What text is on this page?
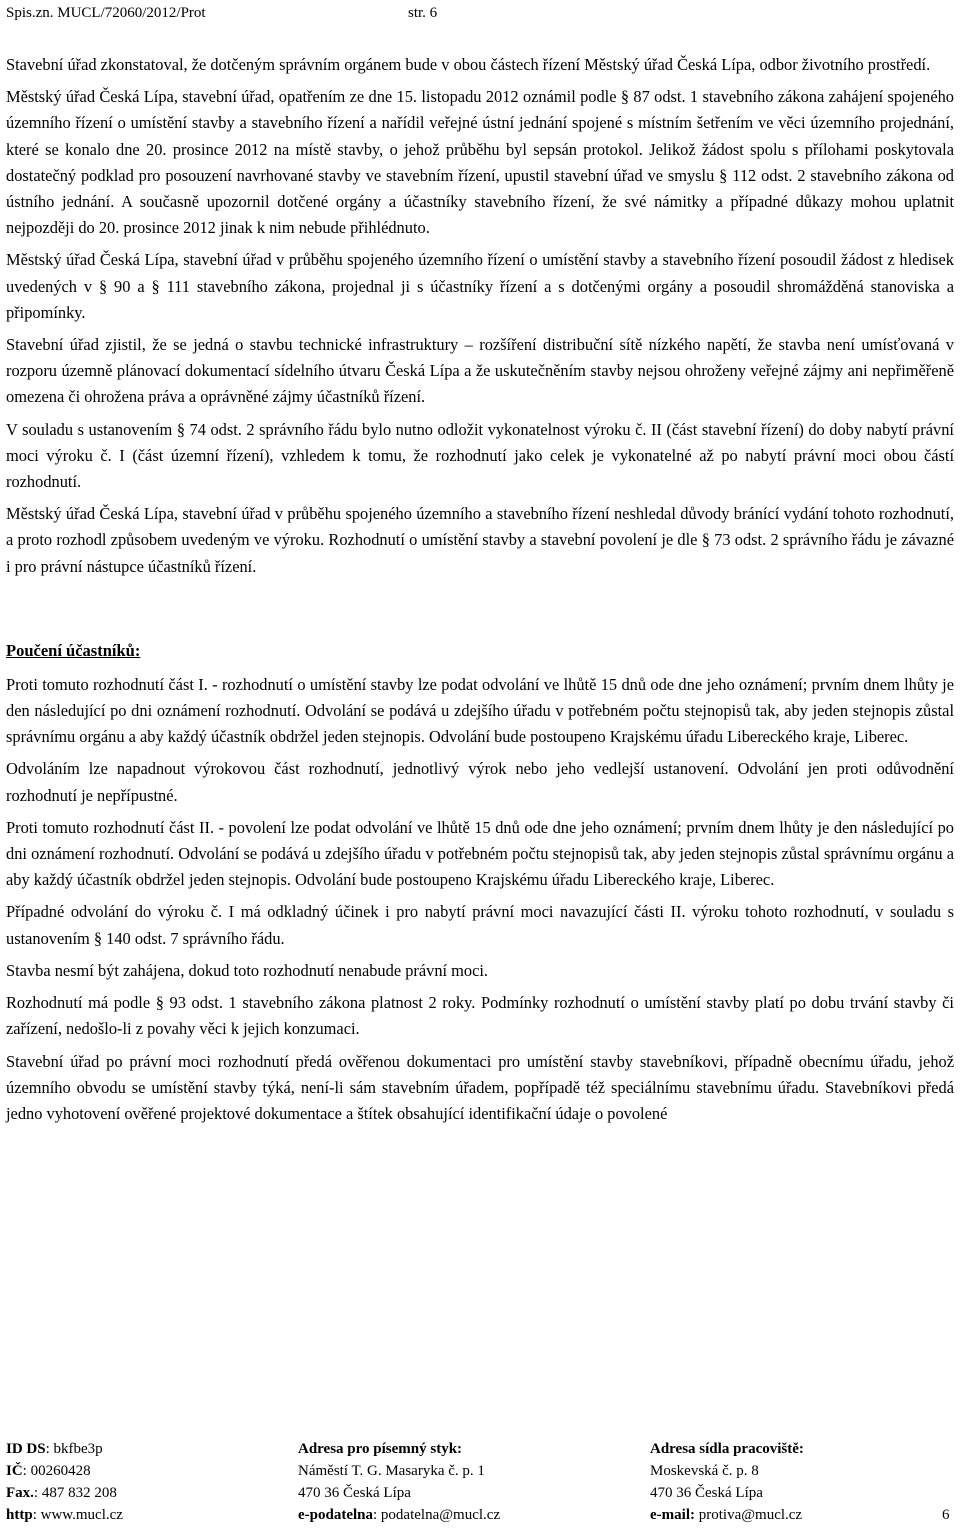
Spis.zn. MUCL/72060/2012/Prot	str. 6

Stavební úřad zkonstatoval, že dotčeným správním orgánem bude v obou částech řízení Městský úřad Česká Lípa, odbor životního prostředí.

Městský úřad Česká Lípa, stavební úřad, opatřením ze dne 15. listopadu 2012 oznámil podle § 87 odst. 1 stavebního zákona zahájení spojeného územního řízení o umístění stavby a stavebního řízení a nařídil veřejné ústní jednání spojené s místním šetřením ve věci územního projednání, které se konalo dne 20. prosince 2012 na místě stavby, o jehož průběhu byl sepsán protokol. Jelikož žádost spolu s přílohami poskytovala dostatečný podklad pro posouzení navrhované stavby ve stavebním řízení, upustil stavební úřad ve smyslu § 112 odst. 2 stavebního zákona od ústního jednání. A současně upozornil dotčené orgány a účastníky stavebního řízení, že své námitky a případné důkazy mohou uplatnit nejpozději do 20. prosince 2012 jinak k nim nebude přihlédnuto.

Městský úřad Česká Lípa, stavební úřad v průběhu spojeného územního řízení o umístění stavby a stavebního řízení posoudil žádost z hledisek uvedených v § 90 a § 111 stavebního zákona, projednal ji s účastníky řízení a s dotčenými orgány a posoudil shromážděná stanoviska a připomínky.

Stavební úřad zjistil, že se jedná o stavbu technické infrastruktury – rozšíření distribuční sítě nízkého napětí, že stavba není umísťovaná v rozporu územně plánovací dokumentací sídelního útvaru Česká Lípa a že uskutečněním stavby nejsou ohroženy veřejné zájmy ani nepřiměřeně omezena či ohrožena práva a oprávněné zájmy účastníků řízení.

V souladu s ustanovením § 74 odst. 2 správního řádu bylo nutno odložit vykonatelnost výroku č. II (část stavební řízení) do doby nabytí právní moci výroku č. I (část územní řízení), vzhledem k tomu, že rozhodnutí jako celek je vykonatelné až po nabytí právní moci obou částí rozhodnutí.

Městský úřad Česká Lípa, stavební úřad v průběhu spojeného územního a stavebního řízení neshledal důvody bránící vydání tohoto rozhodnutí, a proto rozhodl způsobem uvedeným ve výroku. Rozhodnutí o umístění stavby a stavební povolení je dle § 73 odst. 2 správního řádu je závazné i pro právní nástupce účastníků řízení.

Poučení účastníků:

Proti tomuto rozhodnutí část I. - rozhodnutí o umístění stavby lze podat odvolání ve lhůtě 15 dnů ode dne jeho oznámení; prvním dnem lhůty je den následující po dni oznámení rozhodnutí. Odvolání se podává u zdejšího úřadu v potřebném počtu stejnopisů tak, aby jeden stejnopis zůstal správnímu orgánu a aby každý účastník obdržel jeden stejnopis. Odvolání bude postoupeno Krajskému úřadu Libereckého kraje, Liberec.

Odvoláním lze napadnout výrokovou část rozhodnutí, jednotlivý výrok nebo jeho vedlejší ustanovení. Odvolání jen proti odůvodnění rozhodnutí je nepřípustné.

Proti tomuto rozhodnutí část II. - povolení lze podat odvolání ve lhůtě 15 dnů ode dne jeho oznámení; prvním dnem lhůty je den následující po dni oznámení rozhodnutí. Odvolání se podává u zdejšího úřadu v potřebném počtu stejnopisů tak, aby jeden stejnopis zůstal správnímu orgánu a aby každý účastník obdržel jeden stejnopis. Odvolání bude postoupeno Krajskému úřadu Libereckého kraje, Liberec.

Případné odvolání do výroku č. I má odkladný účinek i pro nabytí právní moci navazující části II. výroku tohoto rozhodnutí, v souladu s ustanovením § 140 odst. 7 správního řádu.

Stavba nesmí být zahájena, dokud toto rozhodnutí nenabude právní moci.

Rozhodnutí má podle § 93 odst. 1 stavebního zákona platnost 2 roky. Podmínky rozhodnutí o umístění stavby platí po dobu trvání stavby či zařízení, nedošlo-li z povahy věci k jejich konzumaci.

Stavební úřad po právní moci rozhodnutí předá ověřenou dokumentaci pro umístění stavby stavebníkovi, případně obecnímu úřadu, jehož územního obvodu se umístění stavby týká, není-li sám stavebním úřadem, popřípadě též speciálnímu stavebnímu úřadu. Stavebníkovi předá jedno vyhotovení ověřené projektové dokumentace a štítek obsahující identifikační údaje o povolené

ID DS: bkfbe3p
IČ: 00260428
Fax.: 487 832 208
http: www.mucl.cz
Adresa pro písemný styk:
Náměstí T. G. Masaryka č. p. 1
470 36 Česká Lípa
e-podatelna: podatelna@mucl.cz
Adresa sídla pracoviště:
Moskevská č. p. 8
470 36 Česká Lípa
e-mail: protiva@mucl.cz	6
